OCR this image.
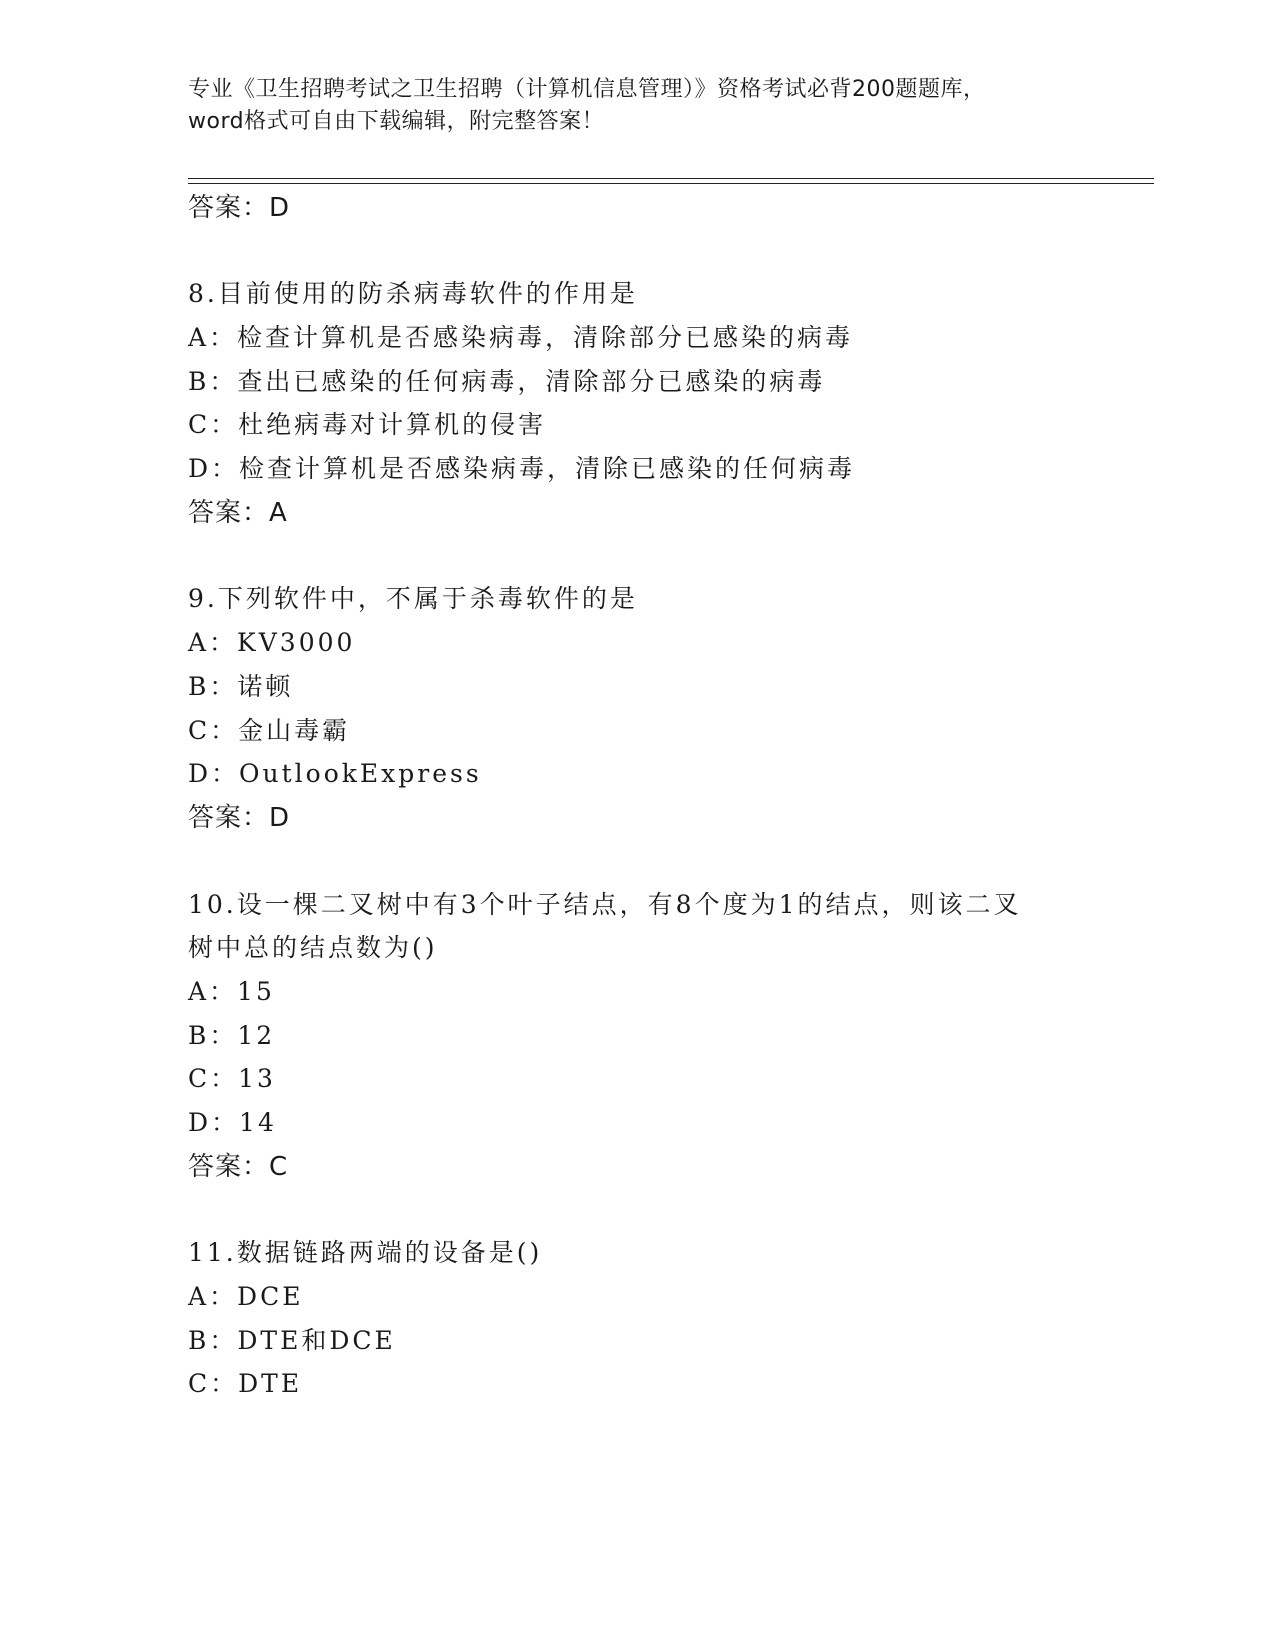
专业《卫生招聘考试之卫生招聘（计算机信息管理）》资格考试必背200题题库，
word格式可自由下载编辑，附完整答案！
答案：D
8.目前使用的防杀病毒软件的作用是
A：检查计算机是否感染病毒，清除部分已感染的病毒
B：查出已感染的任何病毒，清除部分已感染的病毒
C：杜绝病毒对计算机的侵害
D：检查计算机是否感染病毒，清除已感染的任何病毒
答案：A
9.下列软件中，不属于杀毒软件的是
A：KV3000
B：诺顿
C：金山毒霸
D：OutlookExpress
答案：D
10.设一棵二叉树中有3个叶子结点，有8个度为1的结点，则该二叉
树中总的结点数为()
A：15
B：12
C：13
D：14
答案：C
11.数据链路两端的设备是()
A：DCE
B：DTE和DCE
C：DTE
